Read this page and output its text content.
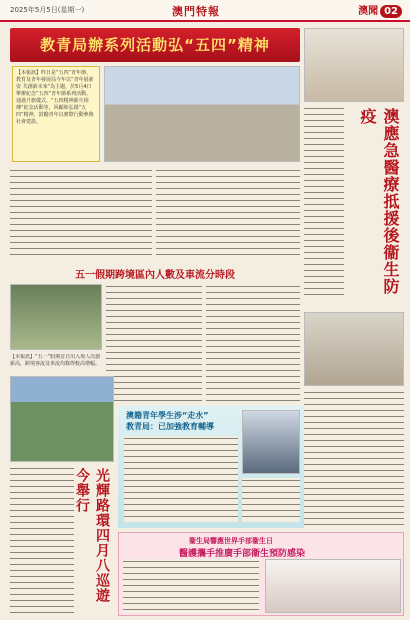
2025年5月5日(星期一)	澳門特報	澳聞 02
教青局辦系列活動弘“五四”精神
【本報訊】昨日是“五四”青年節，教育及青年發展局今年以“青年展新姿 共創新未來”為主題，於5月4日舉辦紀念“五四”青年節系列活動，通過升旗儀式、“五四精神薪火相傳”紀念活動等，回顧和弘揚“五四”精神，鼓勵青年以實際行動參與社會建設。	澳應急醫療抵援後衞生防疫
五一假期跨境區內人數及車流分時段
【本報訊】“五一”假期首日出入境人次創新高，跨境客流及車流均錄得較高增幅。
澳籍青年學生涉“走水”
教青局：已加強教育輔導
光輝路環四月八巡遊今舉行
衞生局響應世界手部衞生日
醫護攜手推廣手部衞生預防感染
